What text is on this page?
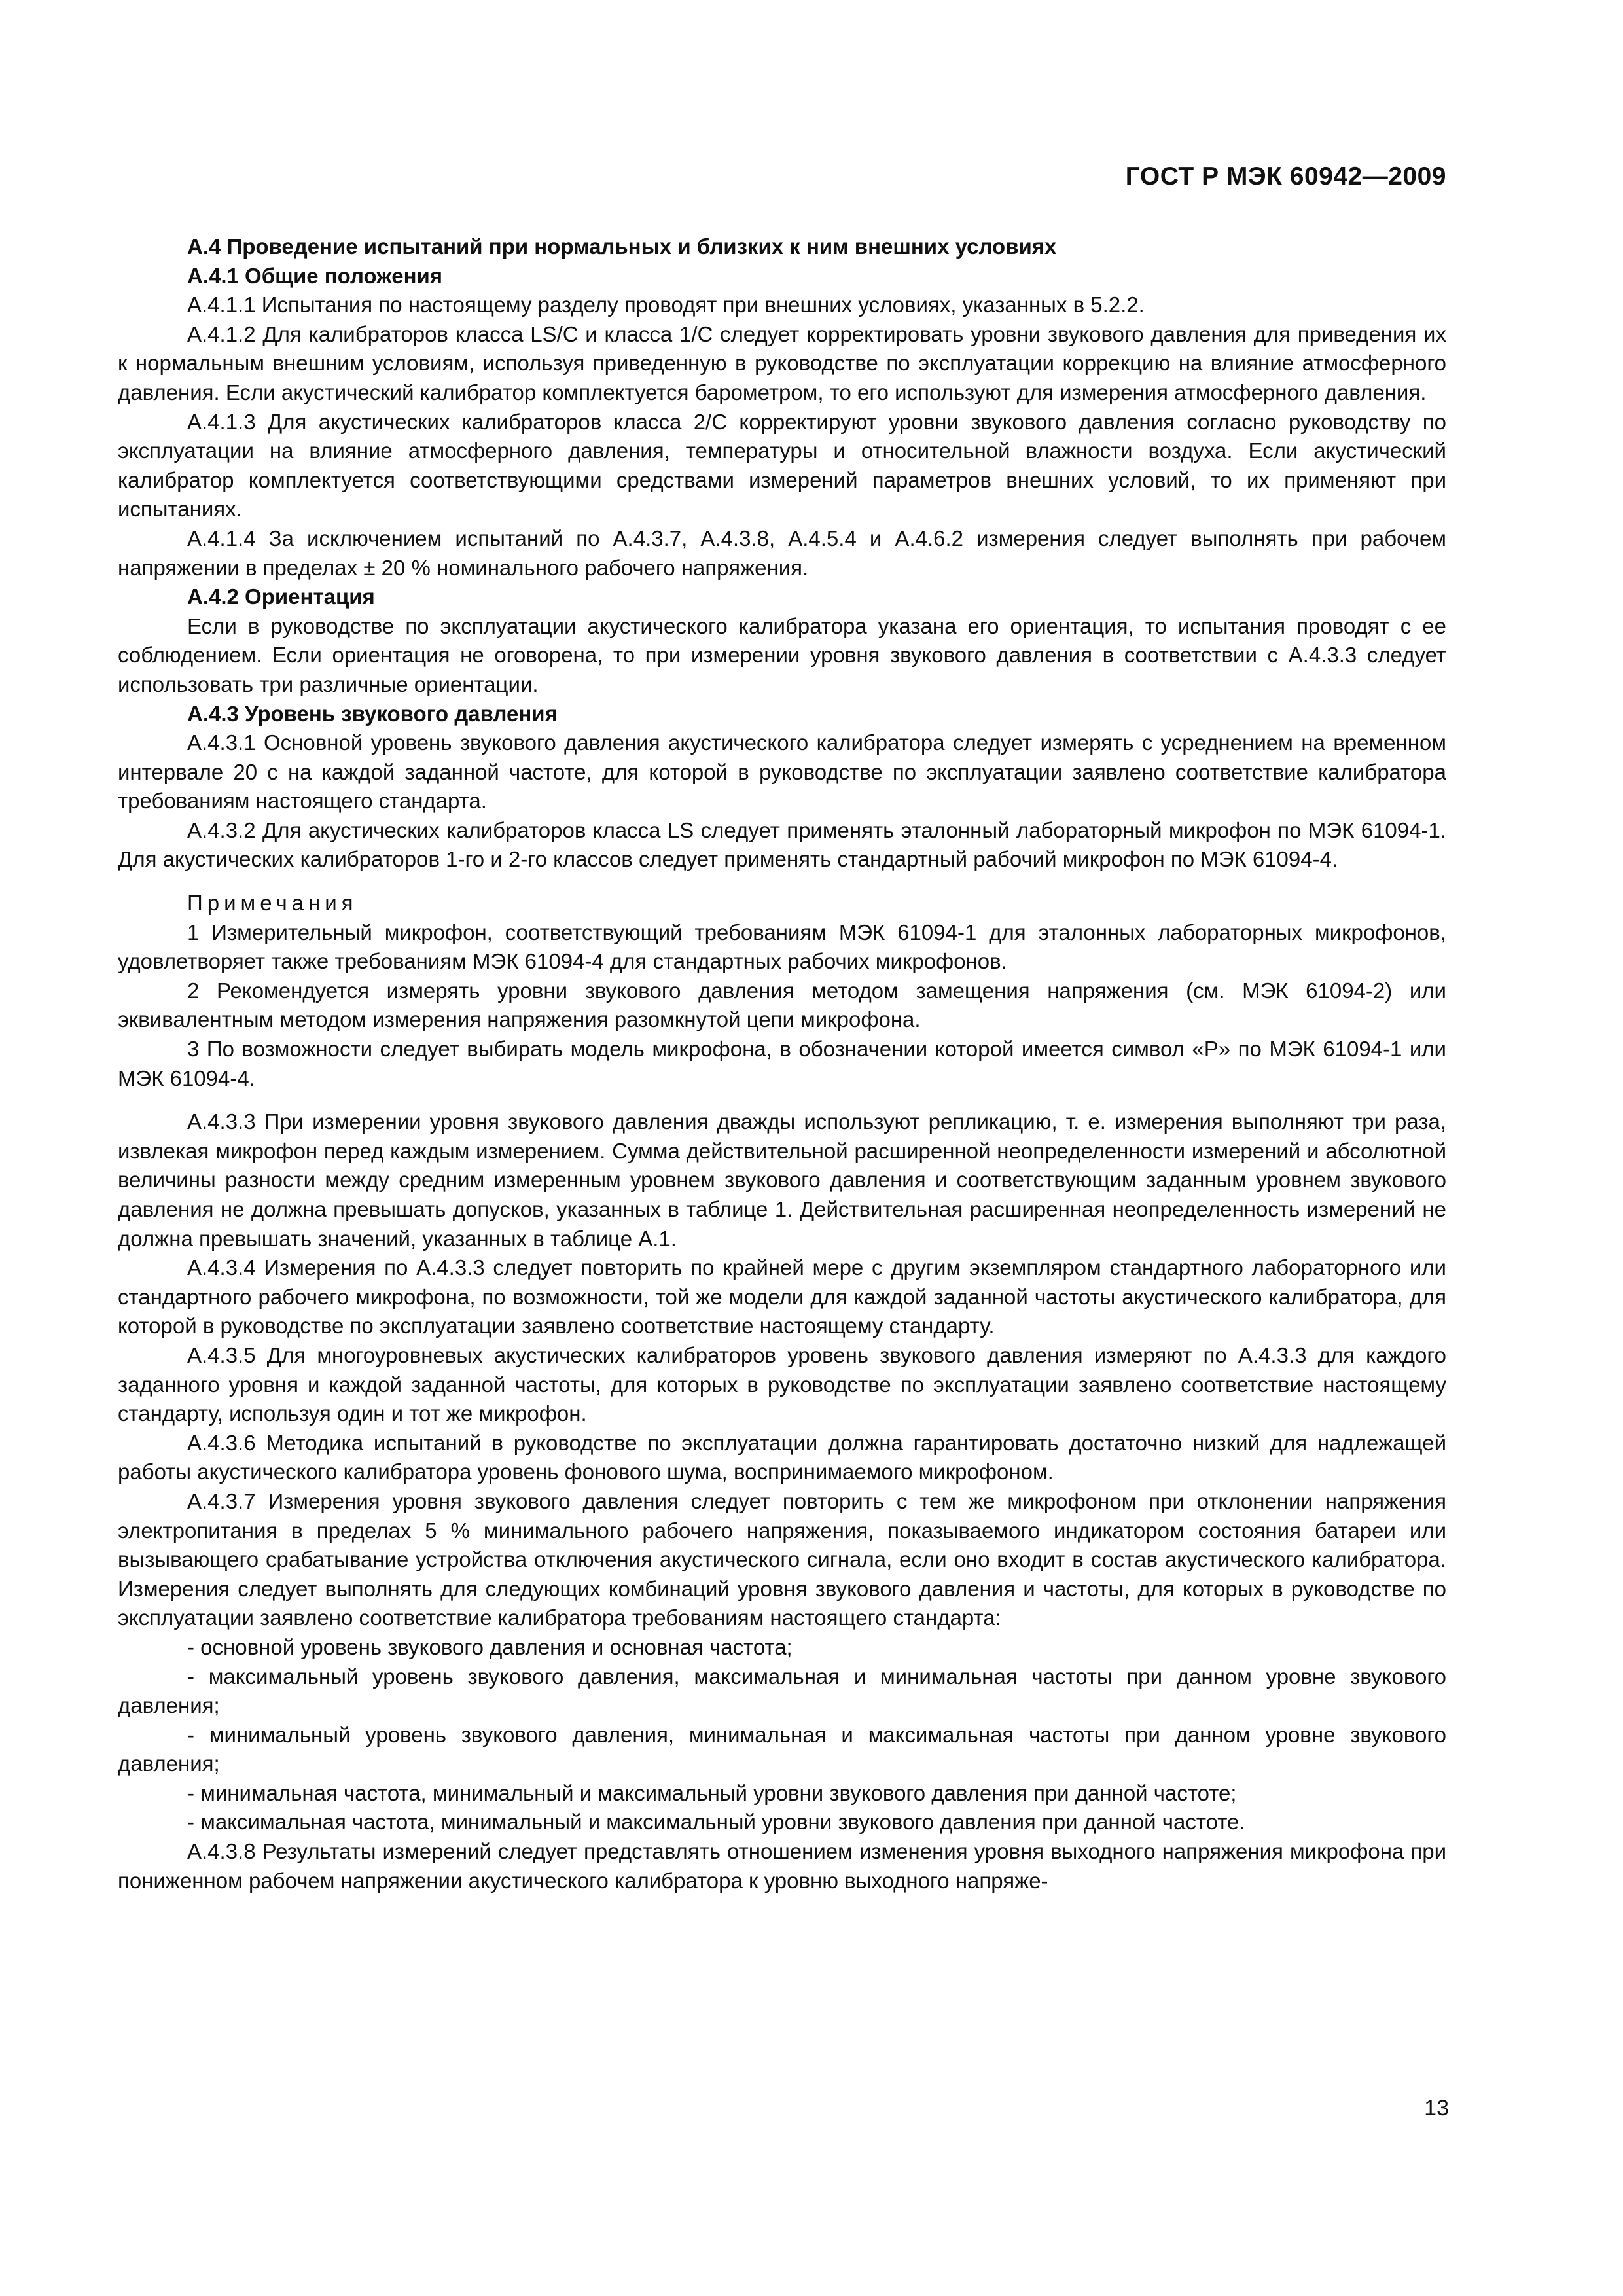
ГОСТ Р МЭК 60942—2009

А.4 Проведение испытаний при нормальных и близких к ним внешних условиях

А.4.1 Общие положения

А.4.1.1 Испытания по настоящему разделу проводят при внешних условиях, указанных в 5.2.2.

А.4.1.2 Для калибраторов класса LS/C и класса 1/C следует корректировать уровни звукового давления для приведения их к нормальным внешним условиям, используя приведенную в руководстве по эксплуатации коррекцию на влияние атмосферного давления. Если акустический калибратор комплектуется барометром, то его используют для измерения атмосферного давления.

А.4.1.3 Для акустических калибраторов класса 2/C корректируют уровни звукового давления согласно руководству по эксплуатации на влияние атмосферного давления, температуры и относительной влажности воздуха. Если акустический калибратор комплектуется соответствующими средствами измерений параметров внешних условий, то их применяют при испытаниях.

А.4.1.4 За исключением испытаний по А.4.3.7, А.4.3.8, А.4.5.4 и А.4.6.2 измерения следует выполнять при рабочем напряжении в пределах ± 20 % номинального рабочего напряжения.

А.4.2 Ориентация

Если в руководстве по эксплуатации акустического калибратора указана его ориентация, то испытания проводят с ее соблюдением. Если ориентация не оговорена, то при измерении уровня звукового давления в соответствии с А.4.3.3 следует использовать три различные ориентации.

А.4.3 Уровень звукового давления

А.4.3.1 Основной уровень звукового давления акустического калибратора следует измерять с усреднением на временном интервале 20 с на каждой заданной частоте, для которой в руководстве по эксплуатации заявлено соответствие калибратора требованиям настоящего стандарта.

А.4.3.2 Для акустических калибраторов класса LS следует применять эталонный лабораторный микрофон по МЭК 61094-1. Для акустических калибраторов 1-го и 2-го классов следует применять стандартный рабочий микрофон по МЭК 61094-4.

Примечания

1 Измерительный микрофон, соответствующий требованиям МЭК 61094-1 для эталонных лабораторных микрофонов, удовлетворяет также требованиям МЭК 61094-4 для стандартных рабочих микрофонов.

2 Рекомендуется измерять уровни звукового давления методом замещения напряжения (см. МЭК 61094-2) или эквивалентным методом измерения напряжения разомкнутой цепи микрофона.

3 По возможности следует выбирать модель микрофона, в обозначении которой имеется символ «P» по МЭК 61094-1 или МЭК 61094-4.

А.4.3.3 При измерении уровня звукового давления дважды используют репликацию, т. е. измерения выполняют три раза, извлекая микрофон перед каждым измерением. Сумма действительной расширенной неопределенности измерений и абсолютной величины разности между средним измеренным уровнем звукового давления и соответствующим заданным уровнем звукового давления не должна превышать допусков, указанных в таблице 1. Действительная расширенная неопределенность измерений не должна превышать значений, указанных в таблице А.1.

А.4.3.4 Измерения по А.4.3.3 следует повторить по крайней мере с другим экземпляром стандартного лабораторного или стандартного рабочего микрофона, по возможности, той же модели для каждой заданной частоты акустического калибратора, для которой в руководстве по эксплуатации заявлено соответствие настоящему стандарту.

А.4.3.5 Для многоуровневых акустических калибраторов уровень звукового давления измеряют по А.4.3.3 для каждого заданного уровня и каждой заданной частоты, для которых в руководстве по эксплуатации заявлено соответствие настоящему стандарту, используя один и тот же микрофон.

А.4.3.6 Методика испытаний в руководстве по эксплуатации должна гарантировать достаточно низкий для надлежащей работы акустического калибратора уровень фонового шума, воспринимаемого микрофоном.

А.4.3.7 Измерения уровня звукового давления следует повторить с тем же микрофоном при отклонении напряжения электропитания в пределах 5 % минимального рабочего напряжения, показываемого индикатором состояния батареи или вызывающего срабатывание устройства отключения акустического сигнала, если оно входит в состав акустического калибратора. Измерения следует выполнять для следующих комбинаций уровня звукового давления и частоты, для которых в руководстве по эксплуатации заявлено соответствие калибратора требованиям настоящего стандарта:

- основной уровень звукового давления и основная частота;

- максимальный уровень звукового давления, максимальная и минимальная частоты при данном уровне звукового давления;

- минимальный уровень звукового давления, минимальная и максимальная частоты при данном уровне звукового давления;

- минимальная частота, минимальный и максимальный уровни звукового давления при данной частоте;

- максимальная частота, минимальный и максимальный уровни звукового давления при данной частоте.

А.4.3.8 Результаты измерений следует представлять отношением изменения уровня выходного напряжения микрофона при пониженном рабочем напряжении акустического калибратора к уровню выходного напряже-

13
